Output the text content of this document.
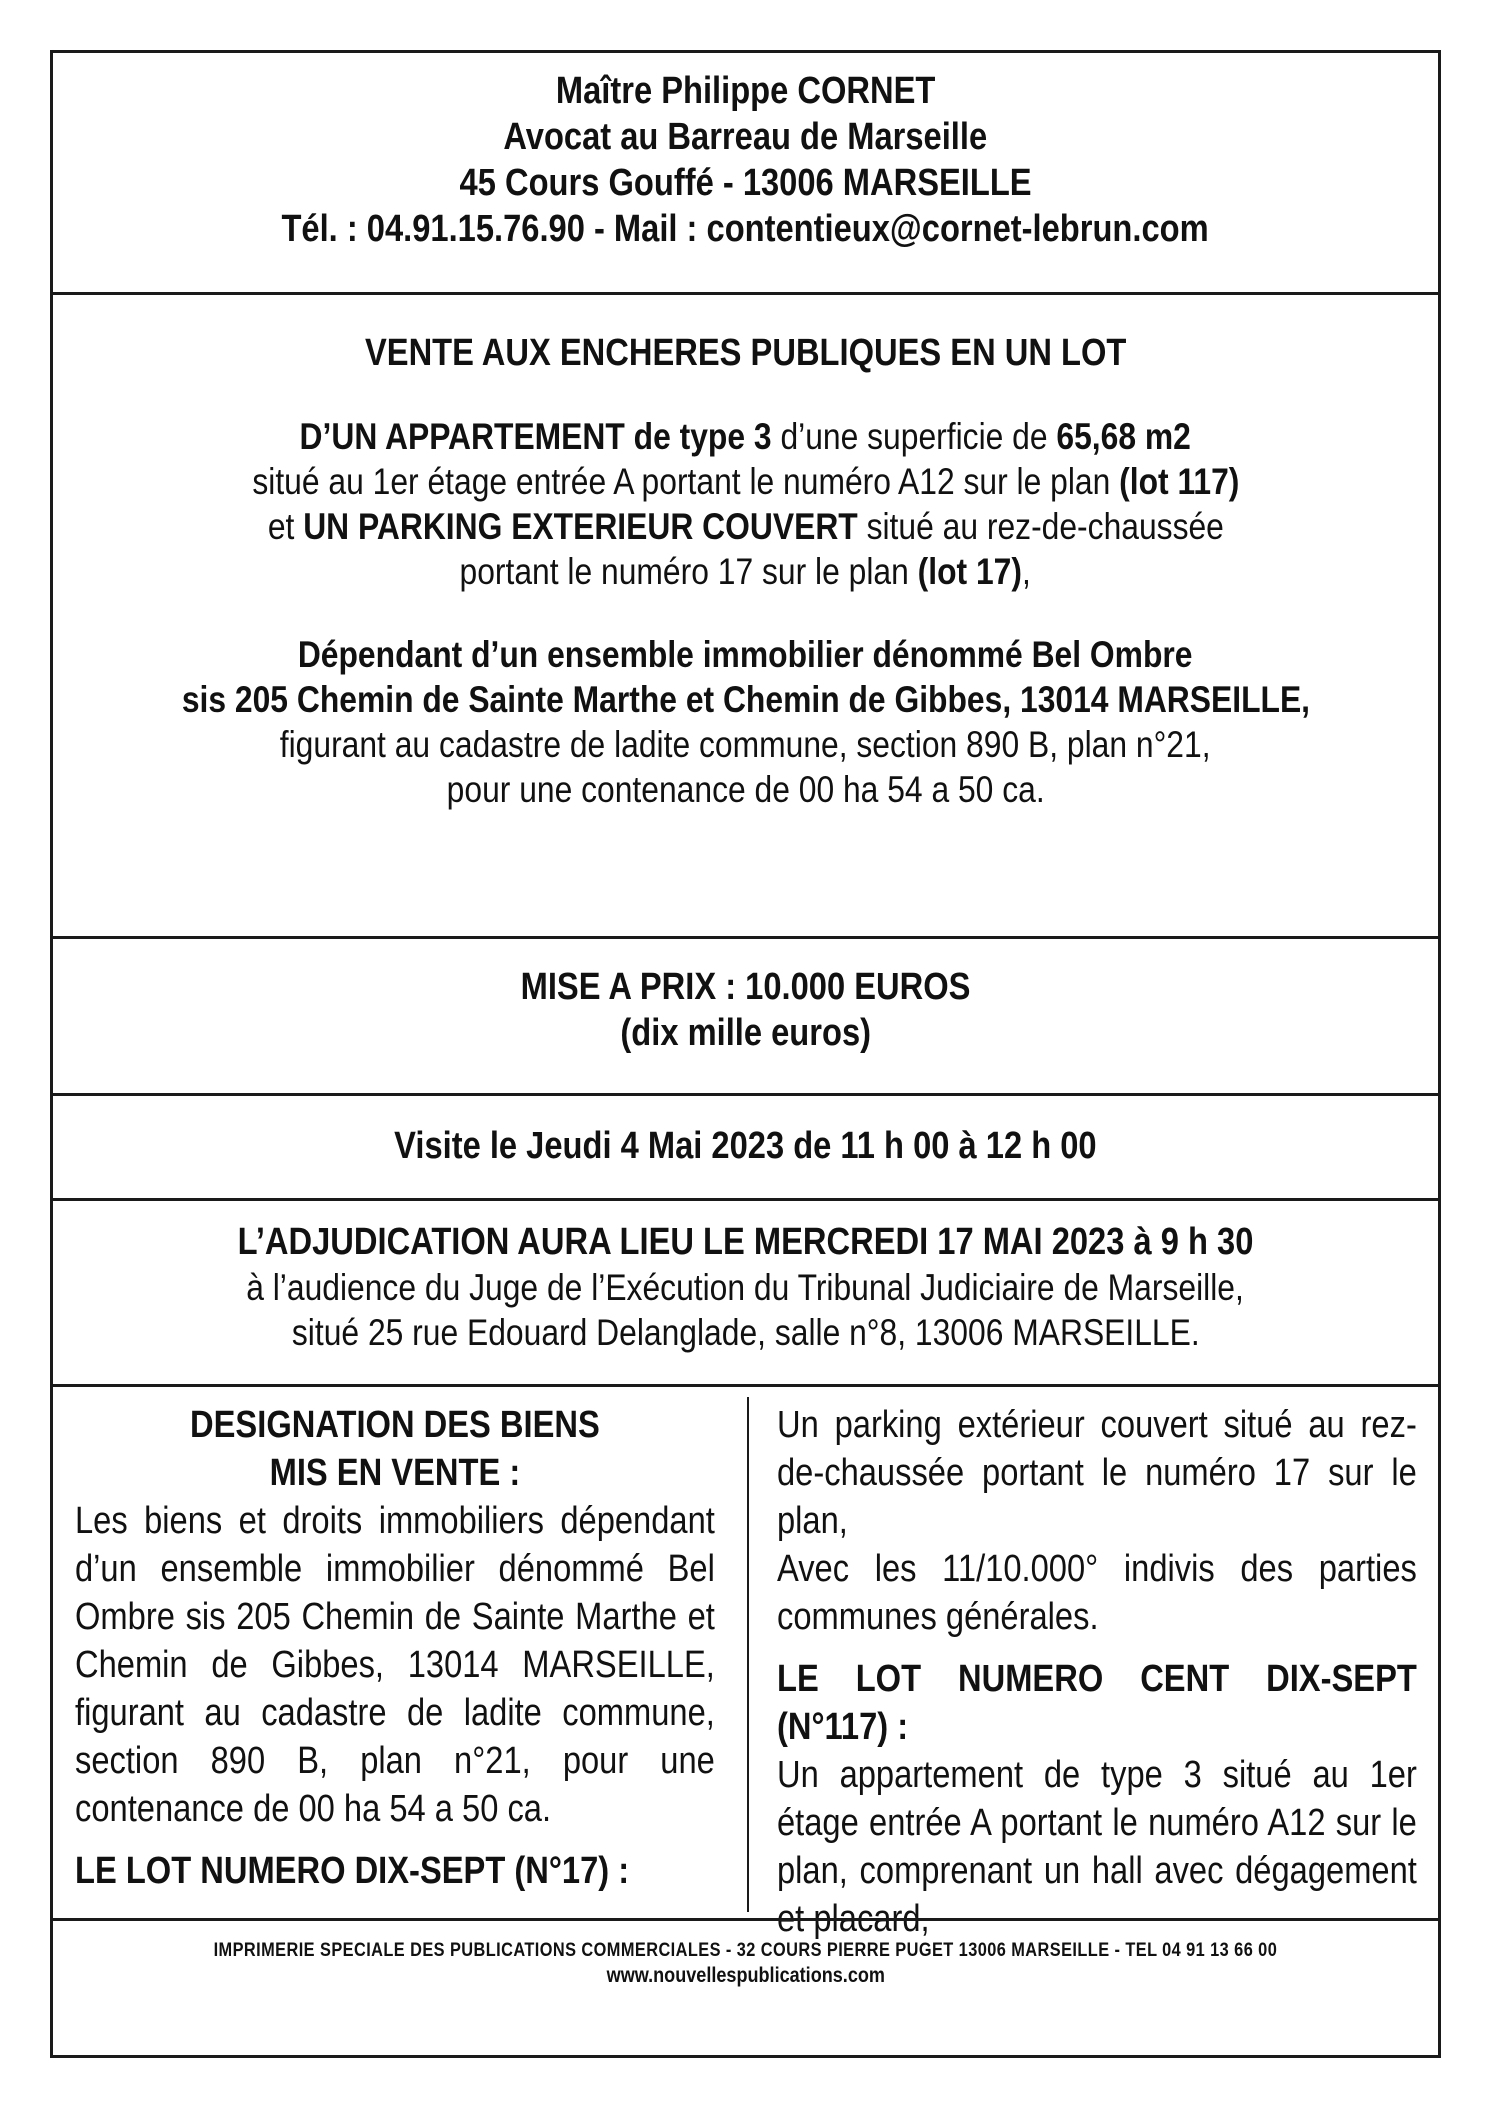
Maître Philippe CORNET
Avocat au Barreau de Marseille
45 Cours Gouffé - 13006 MARSEILLE
Tél. : 04.91.15.76.90 - Mail : contentieux@cornet-lebrun.com
VENTE AUX ENCHERES PUBLIQUES EN UN LOT
D’UN APPARTEMENT de type 3 d’une superficie de 65,68 m2
situé au 1er étage entrée A portant le numéro A12 sur le plan (lot 117)
et UN PARKING EXTERIEUR COUVERT situé au rez-de-chaussée
portant le numéro 17 sur le plan (lot 17),
Dépendant d’un ensemble immobilier dénommé Bel Ombre
sis 205 Chemin de Sainte Marthe et Chemin de Gibbes, 13014 MARSEILLE,
figurant au cadastre de ladite commune, section 890 B, plan n°21,
pour une contenance de 00 ha 54 a 50 ca.
MISE A PRIX : 10.000 EUROS
(dix mille euros)
Visite le Jeudi 4 Mai 2023 de 11 h 00 à 12 h 00
L’ADJUDICATION AURA LIEU LE MERCREDI 17 MAI 2023 à 9 h 30
à l’audience du Juge de l’Exécution du Tribunal Judiciaire de Marseille,
situé 25 rue Edouard Delanglade, salle n°8, 13006 MARSEILLE.

DESIGNATION DES BIENS

MIS EN VENTE :

Les biens et droits immobiliers dépendant d’un ensemble immobilier dénommé Bel Ombre sis 205 Chemin de Sainte Marthe et Chemin de Gibbes, 13014 MARSEILLE, figurant au cadastre de ladite commune, section 890 B, plan n°21, pour une contenance de 00 ha 54 a 50 ca.

LE LOT NUMERO DIX-SEPT (N°17) :

Un parking extérieur couvert situé au rez-de-chaussée portant le numéro 17 sur le plan,

Avec les 11/10.000° indivis des parties communes générales.

LE LOT NUMERO CENT DIX-SEPT (N°117) :

Un appartement de type 3 situé au 1er étage entrée A portant le numéro A12 sur le plan, comprenant un hall avec dégagement et placard,

IMPRIMERIE SPECIALE DES PUBLICATIONS COMMERCIALES - 32 COURS PIERRE PUGET 13006 MARSEILLE - TEL 04 91 13 66 00
www.nouvellespublications.com
